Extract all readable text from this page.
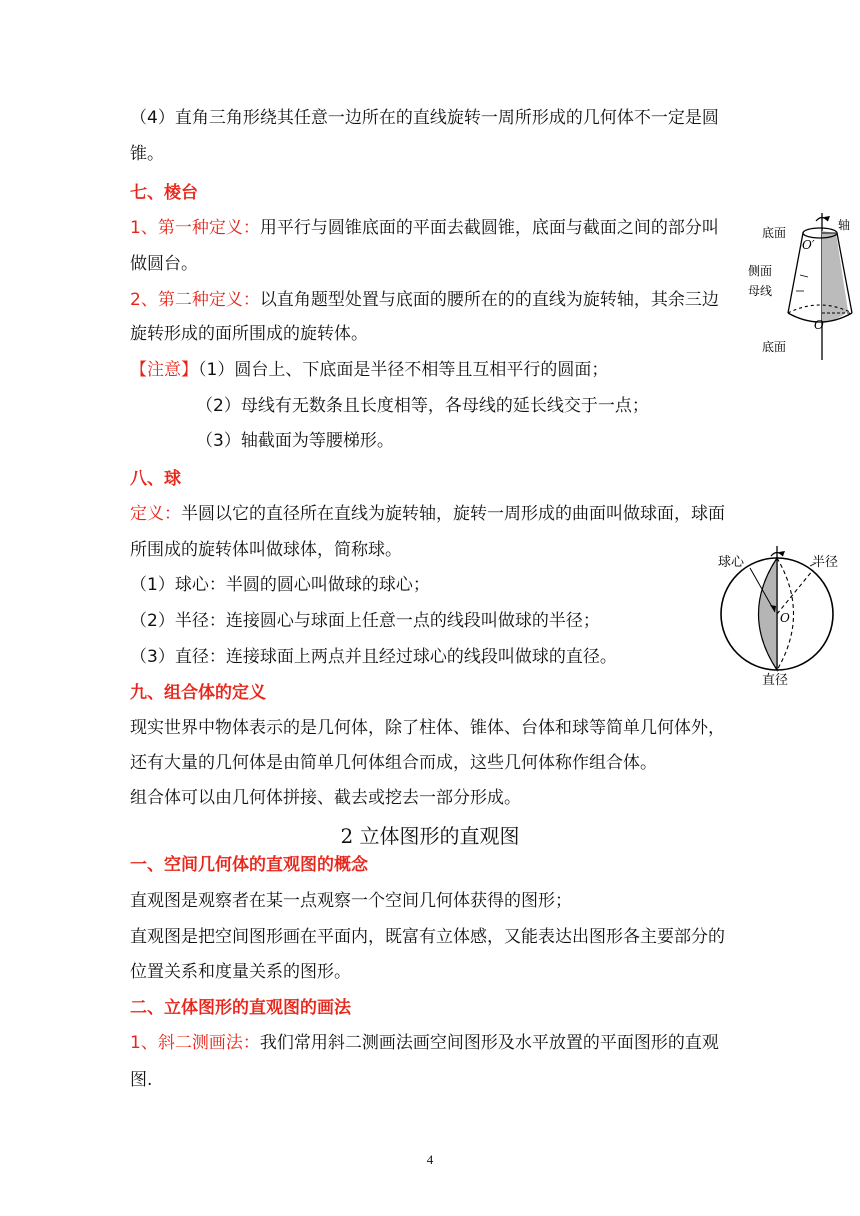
（4）直角三角形绕其任意一边所在的直线旋转一周所形成的几何体不一定是圆
锥。
七、棱台
1、第一种定义：用平行与圆锥底面的平面去截圆锥，底面与截面之间的部分叫
做圆台。
2、第二种定义：以直角题型处置与底面的腰所在的的直线为旋转轴，其余三边
旋转形成的面所围成的旋转体。
【注意】（1）圆台上、下底面是半径不相等且互相平行的圆面；
（2）母线有无数条且长度相等，各母线的延长线交于一点；
（3）轴截面为等腰梯形。
八、球
定义：半圆以它的直径所在直线为旋转轴，旋转一周形成的曲面叫做球面，球面
所围成的旋转体叫做球体，简称球。
（1）球心：半圆的圆心叫做球的球心；
（2）半径：连接圆心与球面上任意一点的线段叫做球的半径；
（3）直径：连接球面上两点并且经过球心的线段叫做球的直径。
九、组合体的定义
现实世界中物体表示的是几何体，除了柱体、锥体、台体和球等简单几何体外，
还有大量的几何体是由简单几何体组合而成，这些几何体称作组合体。
组合体可以由几何体拼接、截去或挖去一部分形成。
2 立体图形的直观图
一、空间几何体的直观图的概念
直观图是观察者在某一点观察一个空间几何体获得的图形；
直观图是把空间图形画在平面内，既富有立体感，又能表达出图形各主要部分的
位置关系和度量关系的图形。
二、立体图形的直观图的画法
1、斜二测画法：我们常用斜二测画法画空间图形及水平放置的平面图形的直观
图.
底面
轴
侧面
母线
底面
O′
O
球心	半径
O
直径
4
